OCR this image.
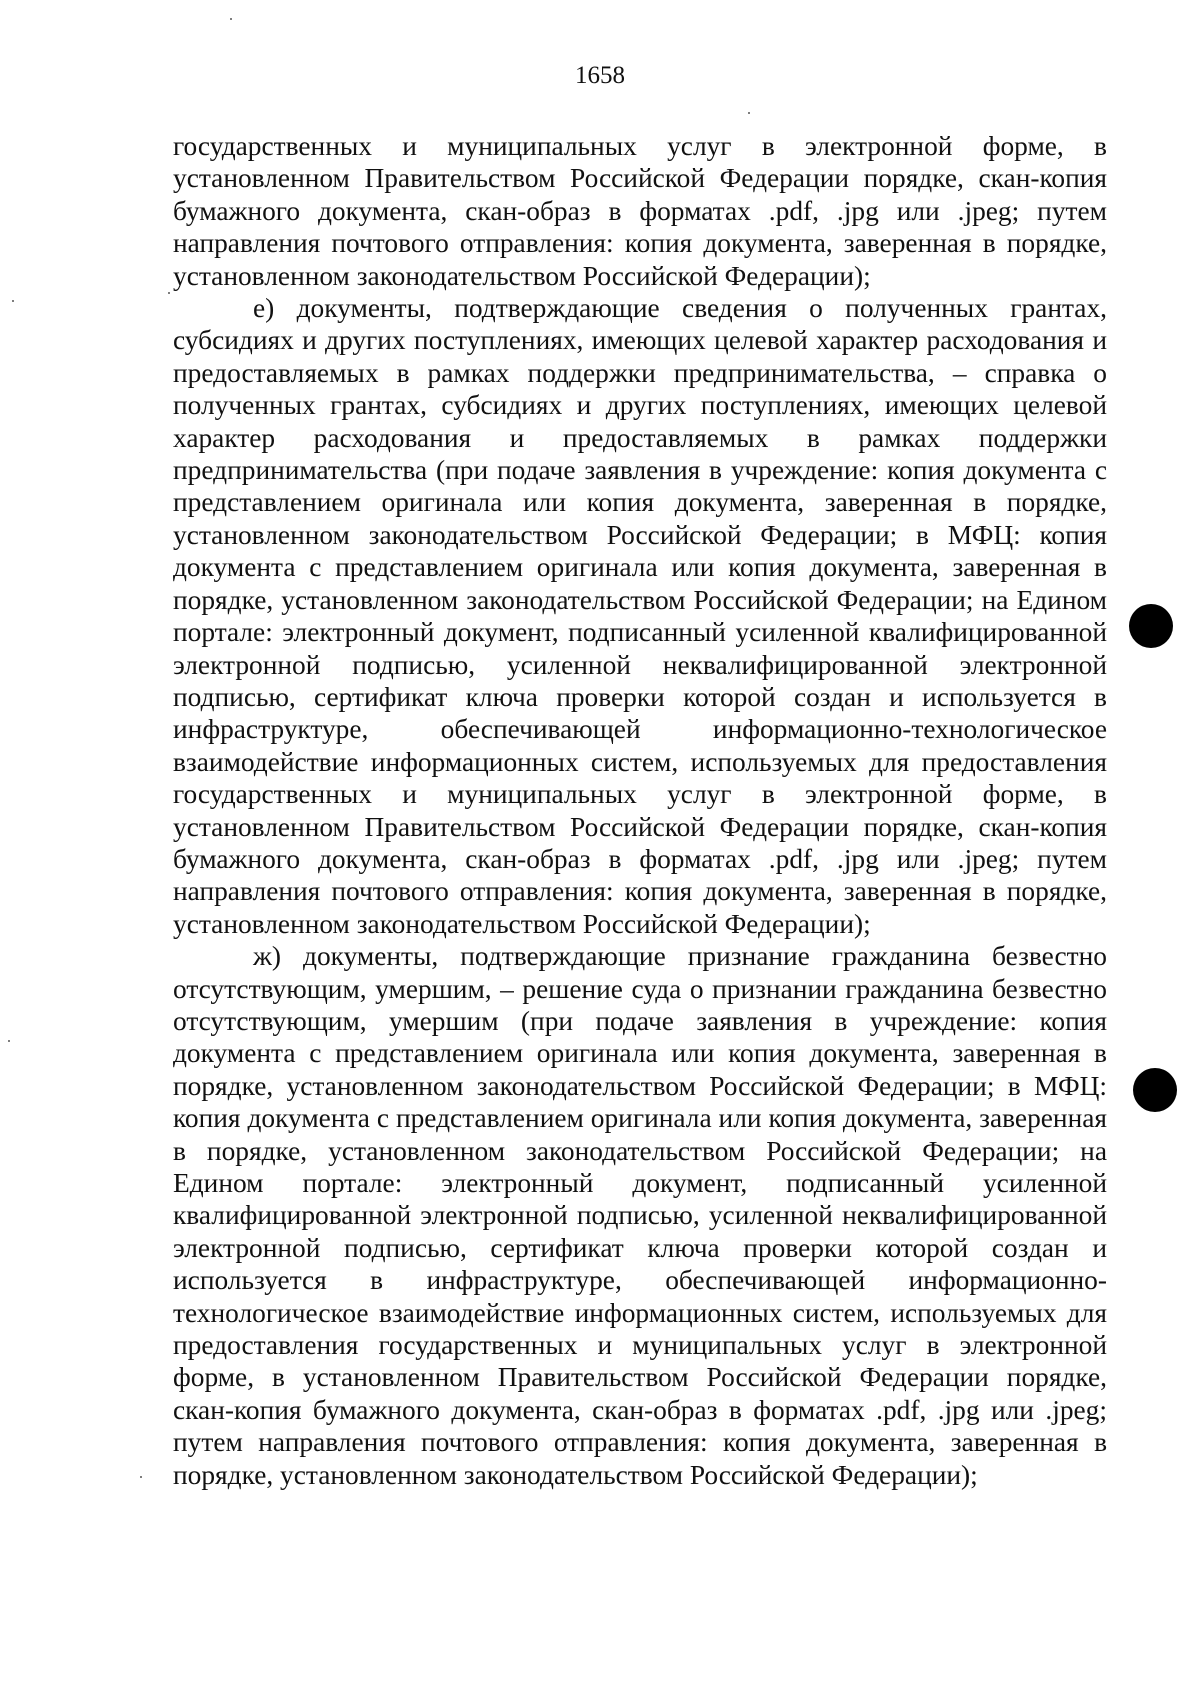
1658

государственных и муниципальных услуг в электронной форме, в установленном Правительством Российской Федерации порядке, скан-копия бумажного документа, скан-образ в форматах .pdf, .jpg или .jpeg; путем направления почтового отправления: копия документа, заверенная в порядке, установленном законодательством Российской Федерации);

е) документы, подтверждающие сведения о полученных грантах, субсидиях и других поступлениях, имеющих целевой характер расходования и предоставляемых в рамках поддержки предпринимательства, – справка о полученных грантах, субсидиях и других поступлениях, имеющих целевой характер расходования и предоставляемых в рамках поддержки предпринимательства (при подаче заявления в учреждение: копия документа с представлением оригинала или копия документа, заверенная в порядке, установленном законодательством Российской Федерации; в МФЦ: копия документа с представлением оригинала или копия документа, заверенная в порядке, установленном законодательством Российской Федерации; на Едином портале: электронный документ, подписанный усиленной квалифицированной электронной подписью, усиленной неквалифицированной электронной подписью, сертификат ключа проверки которой создан и используется в инфраструктуре, обеспечивающей информационно-технологическое взаимодействие информационных систем, используемых для предоставления государственных и муниципальных услуг в электронной форме, в установленном Правительством Российской Федерации порядке, скан-копия бумажного документа, скан-образ в форматах .pdf, .jpg или .jpeg; путем направления почтового отправления: копия документа, заверенная в порядке, установленном законодательством Российской Федерации);

ж) документы, подтверждающие признание гражданина безвестно отсутствующим, умершим, – решение суда о признании гражданина безвестно отсутствующим, умершим (при подаче заявления в учреждение: копия документа с представлением оригинала или копия документа, заверенная в порядке, установленном законодательством Российской Федерации; в МФЦ: копия документа с представлением оригинала или копия документа, заверенная в порядке, установленном законодательством Российской Федерации; на Едином портале: электронный документ, подписанный усиленной квалифицированной электронной подписью, усиленной неквалифицированной электронной подписью, сертификат ключа проверки которой создан и используется в инфраструктуре, обеспечивающей информационно-технологическое взаимодействие информационных систем, используемых для предоставления государственных и муниципальных услуг в электронной форме, в установленном Правительством Российской Федерации порядке, скан-копия бумажного документа, скан-образ в форматах .pdf, .jpg или .jpeg; путем направления почтового отправления: копия документа, заверенная в порядке, установленном законодательством Российской Федерации);
